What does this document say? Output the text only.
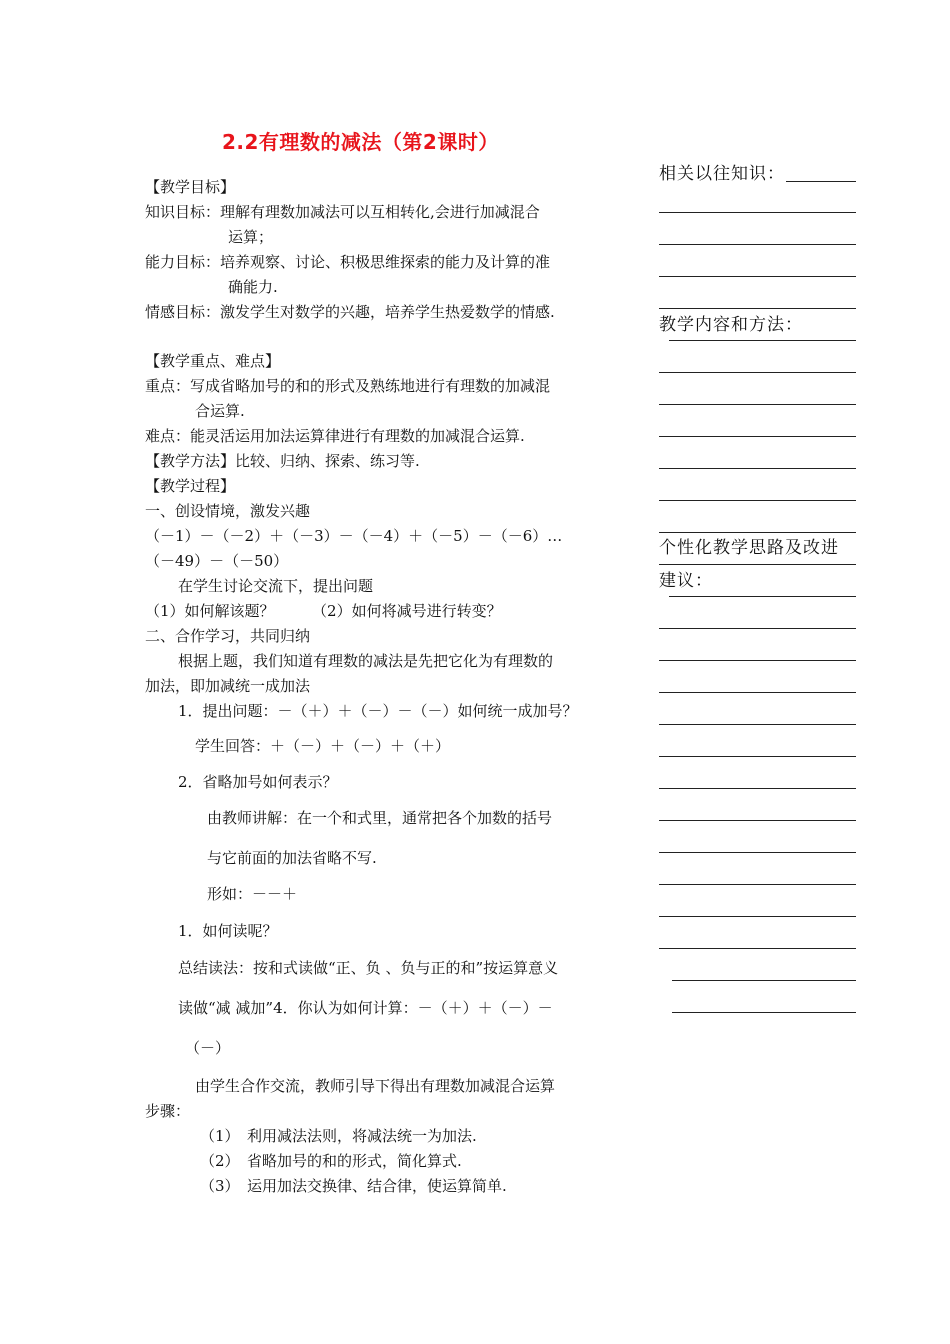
2.2有理数的减法（第2课时）
【教学目标】
知识目标：理解有理数加减法可以互相转化,会进行加减混合
运算；
能力目标：培养观察、讨论、积极思维探索的能力及计算的准
确能力.
情感目标：激发学生对数学的兴趣，培养学生热爱数学的情感.
【教学重点、难点】
重点：写成省略加号的和的形式及熟练地进行有理数的加减混
合运算.
难点：能灵活运用加法运算律进行有理数的加减混合运算.
【教学方法】比较、归纳、探索、练习等.
【教学过程】
一、创设情境，激发兴趣
（－1）－（－2）＋（－3）－（－4）＋（－5）－（－6）…
（－49）－（－50）
在学生讨论交流下，提出问题
（1）如何解该题？　　　（2）如何将减号进行转变？
二、合作学习，共同归纳
根据上题，我们知道有理数的减法是先把它化为有理数的
加法，即加减统一成加法
1．提出问题：－（＋）＋（－）－（－）如何统一成加号？
学生回答：＋（－）＋（－）＋（＋）
2．省略加号如何表示？
由教师讲解：在一个和式里，通常把各个加数的括号
与它前面的加法省略不写.
形如：－－＋
1．如何读呢？
总结读法：按和式读做“正、负 、负与正的和”按运算意义
读做“减 减加”4．你认为如何计算：－（＋）＋（－）－
（－）
由学生合作交流，教师引导下得出有理数加减混合运算
步骤：
（1）　利用减法法则，将减法统一为加法.
（2）　省略加号的和的形式，简化算式.
（3）　运用加法交换律、结合律，使运算简单.
相关以往知识：
教学内容和方法：
个性化教学思路及改进
建议：
